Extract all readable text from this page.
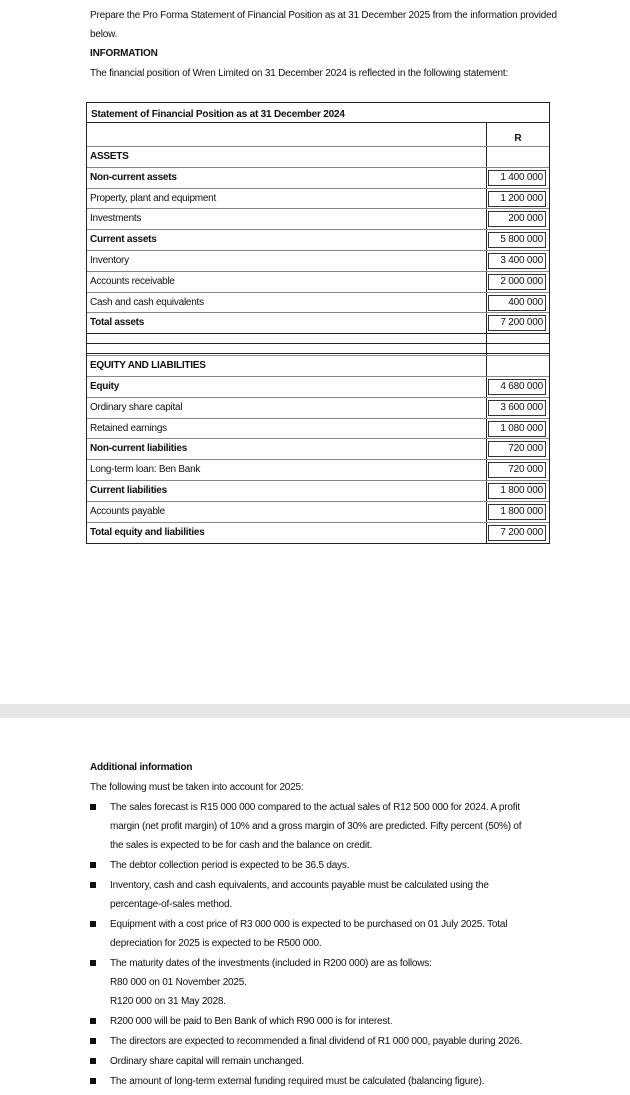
Prepare the Pro Forma Statement of Financial Position as at 31 December 2025 from the information provided
below.
INFORMATION
The financial position of Wren Limited on 31 December 2024 is reflected in the following statement:
Statement of Financial Position as at 31 December 2024
R
ASSETS
Non-current assets	1 400 000
Property, plant and equipment	1 200 000
Investments	200 000
Current assets	5 800 000
Inventory	3 400 000
Accounts receivable	2 000 000
Cash and cash equivalents	400 000
Total assets	7 200 000
EQUITY AND LIABILITIES
Equity	4 680 000
Ordinary share capital	3 600 000
Retained earnings	1 080 000
Non-current liabilities	720 000
Long-term loan: Ben Bank	720 000
Current liabilities	1 800 000
Accounts payable	1 800 000
Total equity and liabilities	7 200 000
Additional information
The following must be taken into account for 2025:
The sales forecast is R15 000 000 compared to the actual sales of R12 500 000 for 2024. A profit
margin (net profit margin) of 10% and a gross margin of 30% are predicted. Fifty percent (50%) of
the sales is expected to be for cash and the balance on credit.
The debtor collection period is expected to be 36.5 days.
Inventory, cash and cash equivalents, and accounts payable must be calculated using the
percentage-of-sales method.
Equipment with a cost price of R3 000 000 is expected to be purchased on 01 July 2025. Total
depreciation for 2025 is expected to be R500 000.
The maturity dates of the investments (included in R200 000) are as follows:
R80 000 on 01 November 2025.
R120 000 on 31 May 2028.
R200 000 will be paid to Ben Bank of which R90 000 is for interest.
The directors are expected to recommended a final dividend of R1 000 000, payable during 2026.
Ordinary share capital will remain unchanged.
The amount of long-term external funding required must be calculated (balancing figure).
